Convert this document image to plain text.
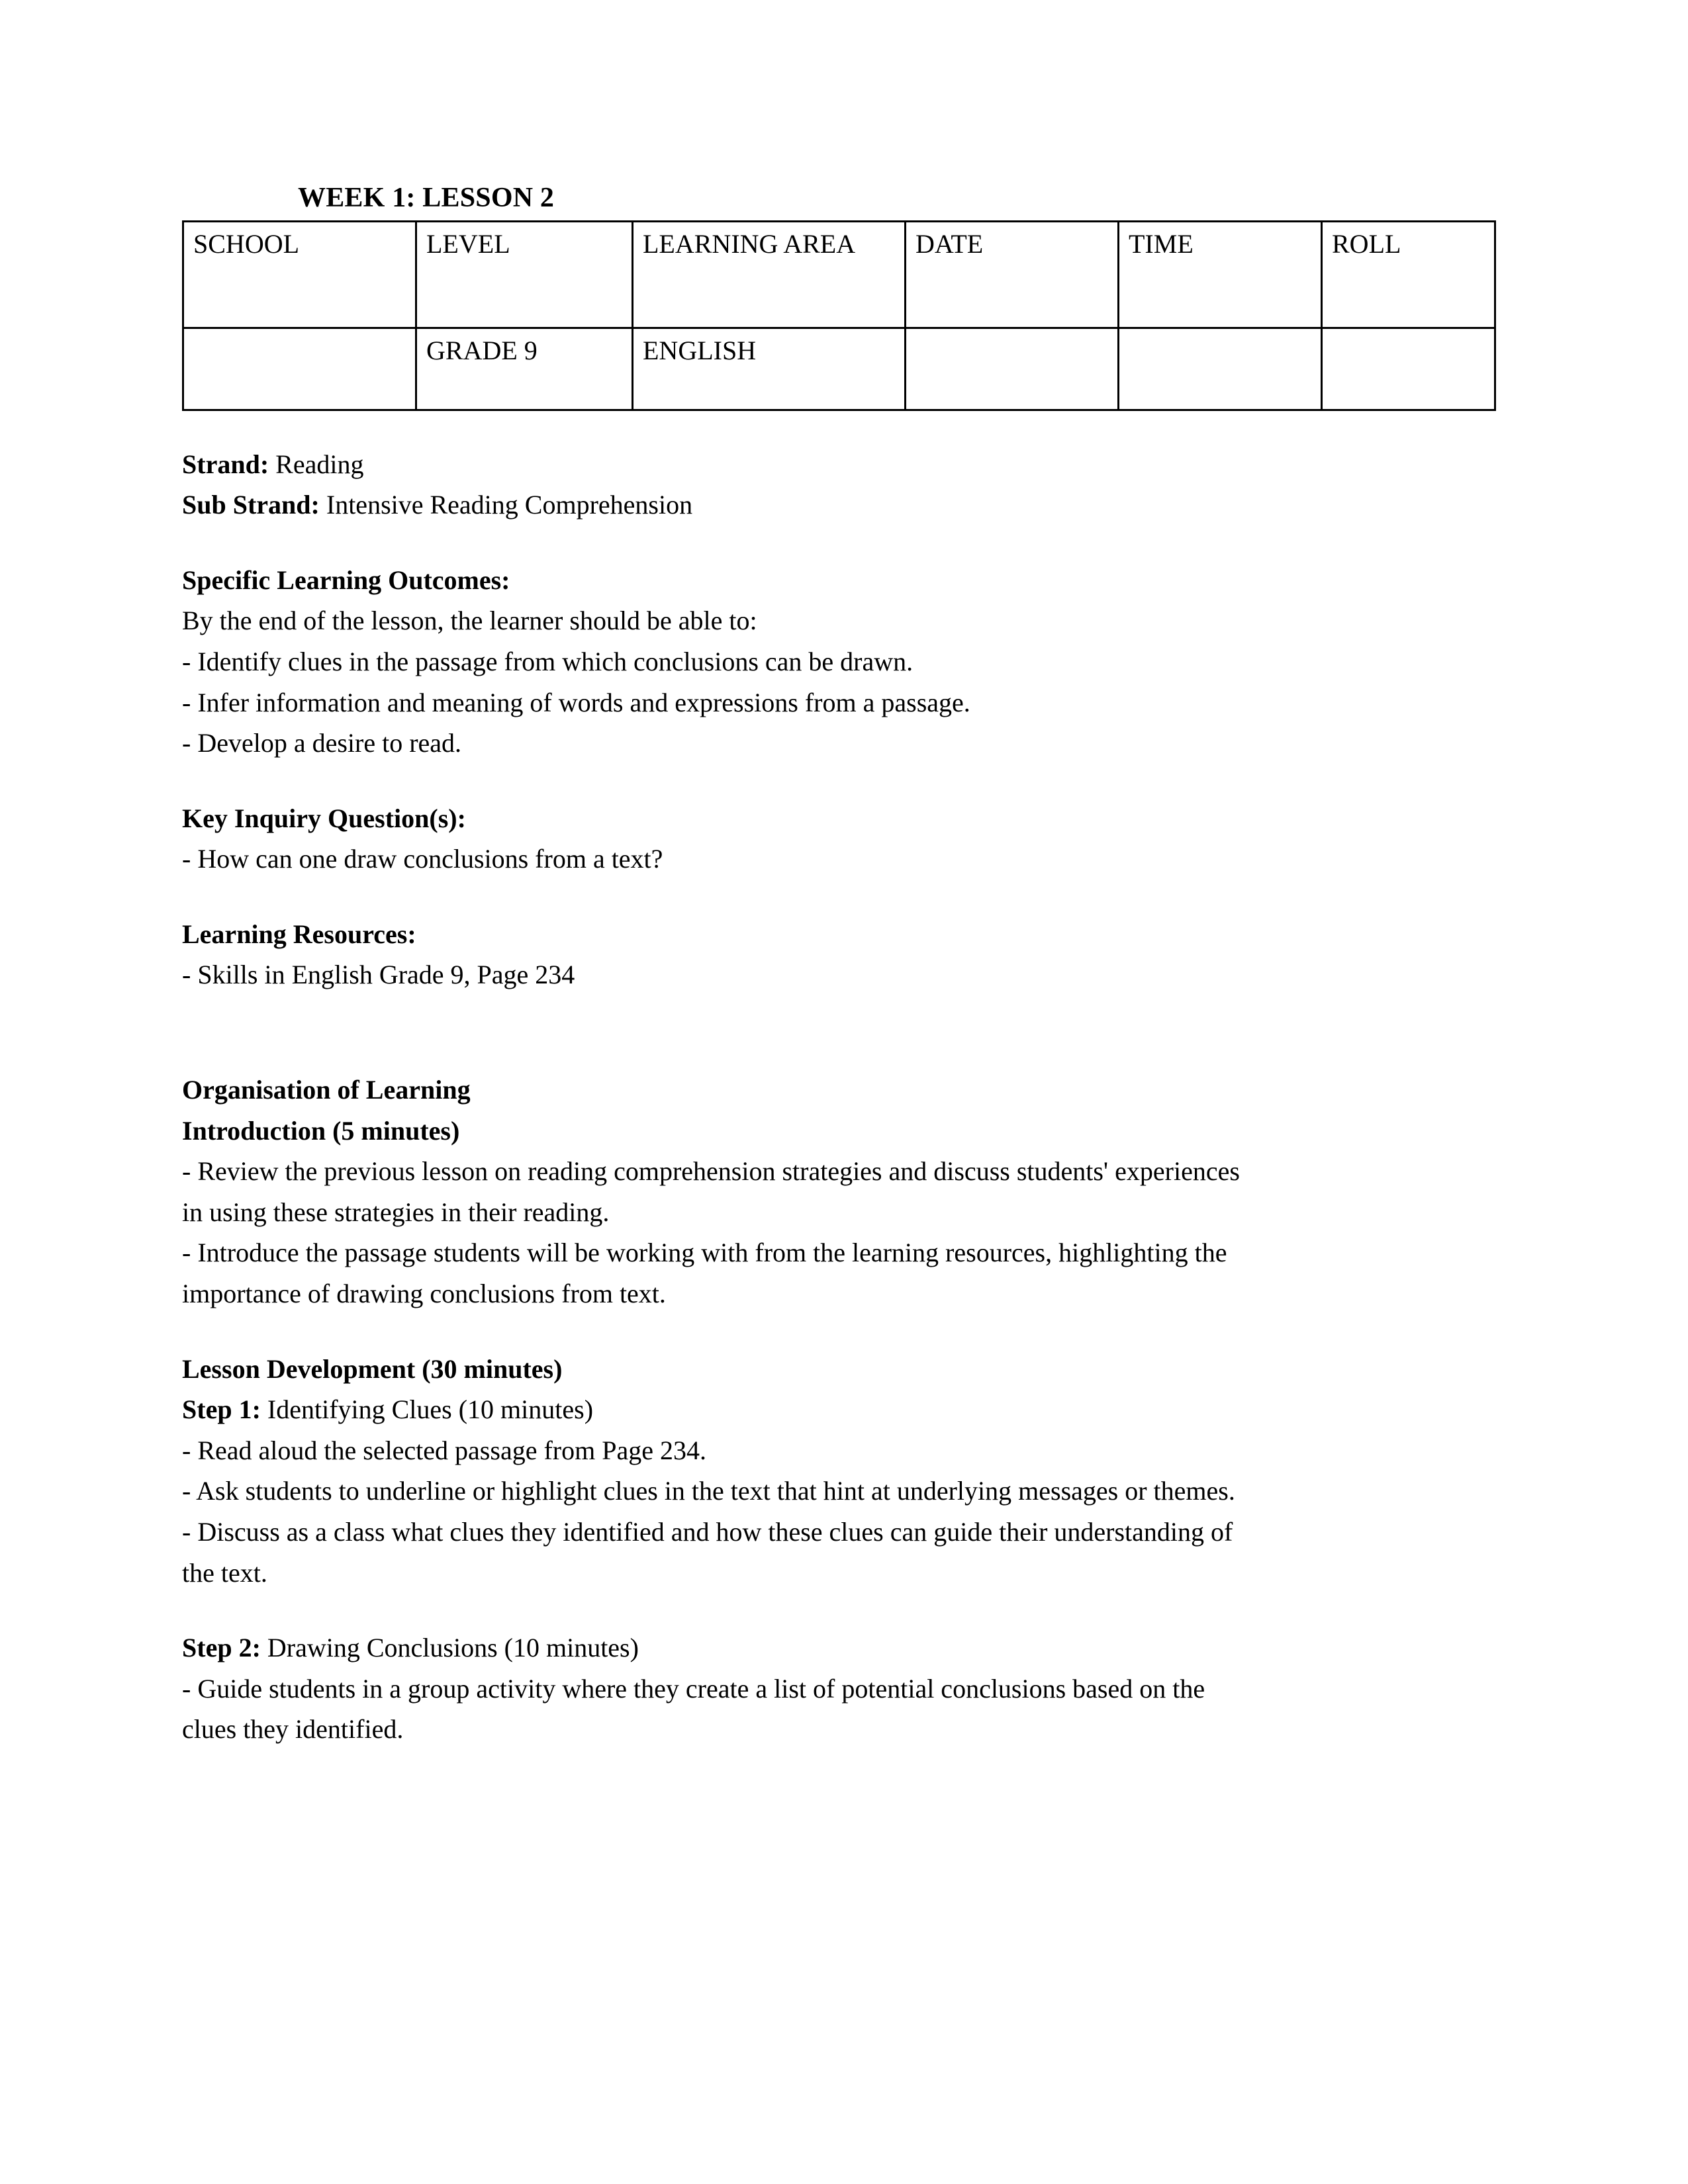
WEEK 1: LESSON 2
SCHOOL	LEVEL	LEARNING AREA	DATE	TIME	ROLL
	GRADE 9	ENGLISH			

Strand: Reading

Sub Strand: Intensive Reading Comprehension

Specific Learning Outcomes:

By the end of the lesson, the learner should be able to:

- Identify clues in the passage from which conclusions can be drawn.

- Infer information and meaning of words and expressions from a passage.

- Develop a desire to read.

Key Inquiry Question(s):

- How can one draw conclusions from a text?

Learning Resources:

- Skills in English Grade 9, Page 234

Organisation of Learning

Introduction (5 minutes)

- Review the previous lesson on reading comprehension strategies and discuss students' experiences in using these strategies in their reading.

- Introduce the passage students will be working with from the learning resources, highlighting the importance of drawing conclusions from text.

Lesson Development (30 minutes)

Step 1: Identifying Clues (10 minutes)

- Read aloud the selected passage from Page 234.

- Ask students to underline or highlight clues in the text that hint at underlying messages or themes.

- Discuss as a class what clues they identified and how these clues can guide their understanding of the text.

Step 2: Drawing Conclusions (10 minutes)

- Guide students in a group activity where they create a list of potential conclusions based on the clues they identified.
